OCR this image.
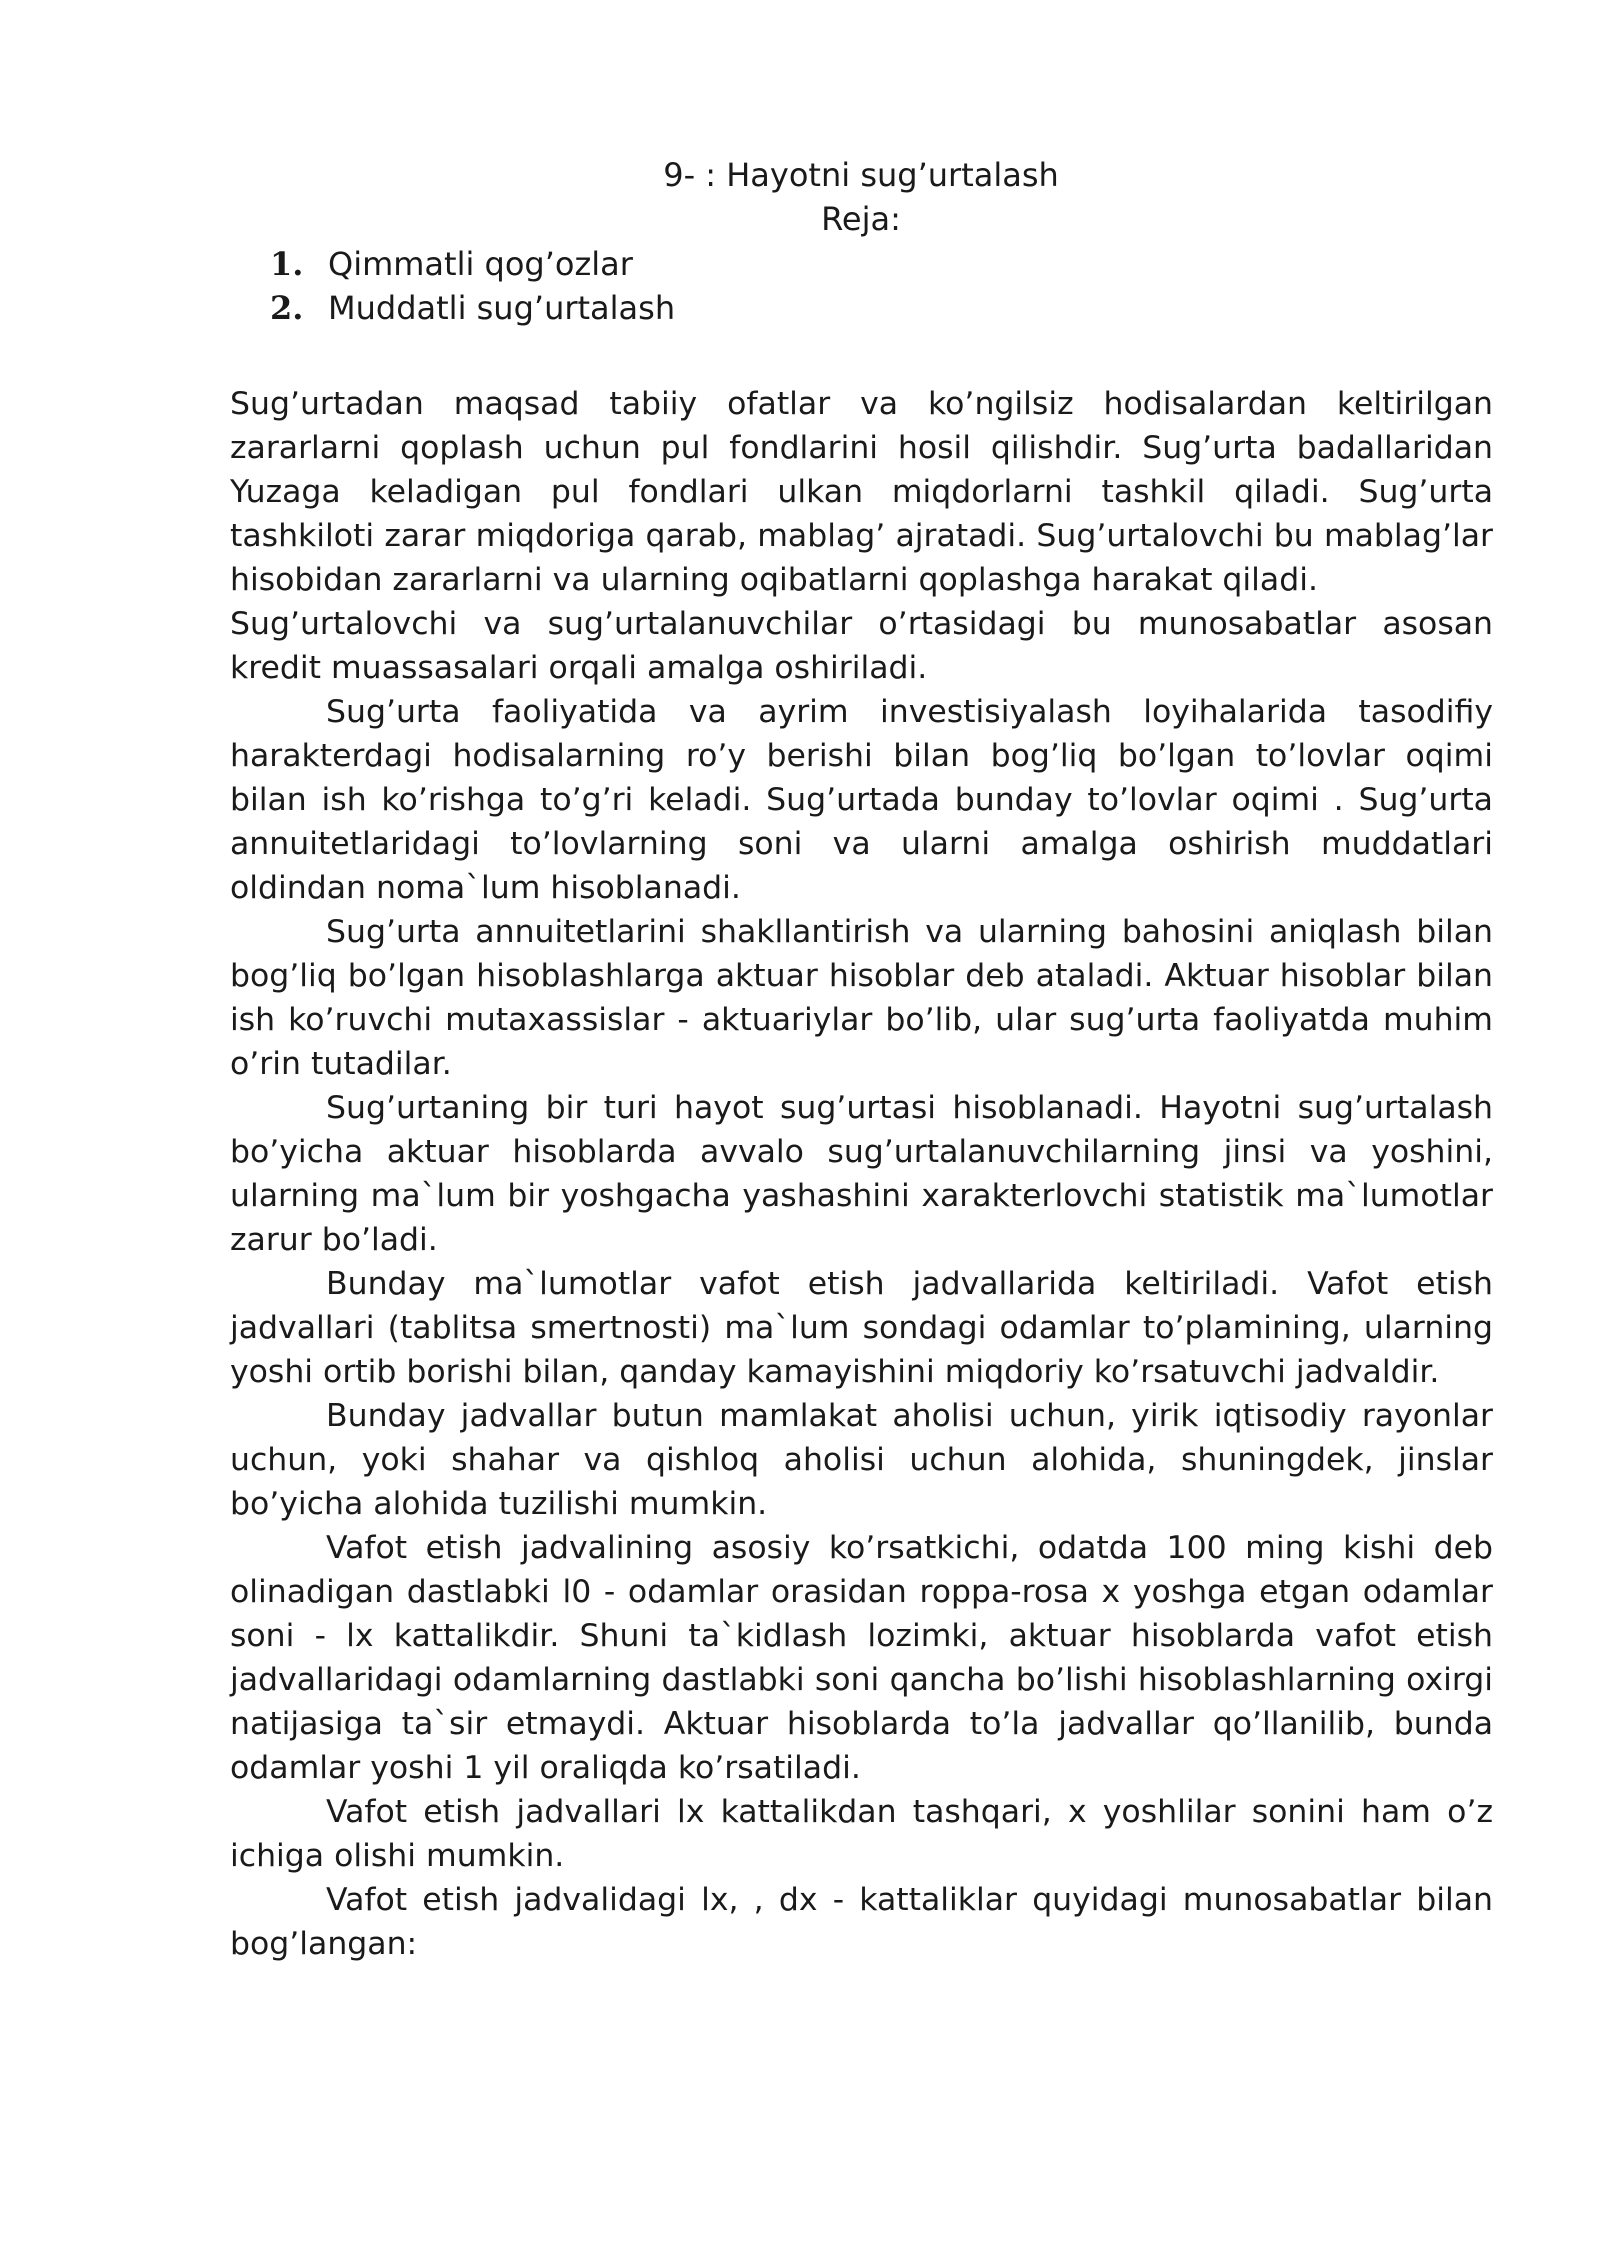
9- : Hayotni sug’urtalash
Reja:
1. Qimmatli qog’ozlar
2. Muddatli sug’urtalash

Sug’urtadan maqsad tabiiy ofatlar va ko’ngilsiz hodisalardan keltirilgan zararlarni qoplash uchun pul fondlarini hosil qilishdir. Sug’urta badallaridan Yuzaga keladigan pul fondlari ulkan miqdorlarni tashkil qiladi. Sug’urta tashkiloti zarar miqdoriga qarab, mablag’ ajratadi. Sug’urtalovchi bu mablag’lar hisobidan zararlarni va ularning oqibatlarni qoplashga harakat qiladi.

Sug’urtalovchi va sug’urtalanuvchilar o’rtasidagi bu munosabatlar asosan kredit muassasalari orqali amalga oshiriladi.

Sug’urta faoliyatida va ayrim investisiyalash loyihalarida tasodifiy harakterdagi hodisalarning ro’y berishi bilan bog’liq bo’lgan to’lovlar oqimi bilan ish ko’rishga to’g’ri keladi. Sug’urtada bunday to’lovlar oqimi . Sug’urta annuitetlaridagi to’lovlarning soni va ularni amalga oshirish muddatlari oldindan noma`lum hisoblanadi.

Sug’urta annuitetlarini shakllantirish va ularning bahosini aniqlash bilan bog’liq bo’lgan hisoblashlarga aktuar hisoblar deb ataladi. Aktuar hisoblar bilan ish ko’ruvchi mutaxassislar - aktuariylar bo’lib, ular sug’urta faoliyatda muhim o’rin tutadilar.

Sug’urtaning bir turi hayot sug’urtasi hisoblanadi. Hayotni sug’urtalash bo’yicha aktuar hisoblarda avvalo sug’urtalanuvchilarning jinsi va yoshini, ularning ma`lum bir yoshgacha yashashini xarakterlovchi statistik ma`lumotlar zarur bo’ladi.

Bunday ma`lumotlar vafot etish jadvallarida keltiriladi. Vafot etish jadvallari (tablitsa smertnosti) ma`lum sondagi odamlar to’plamining, ularning yoshi ortib borishi bilan, qanday kamayishini miqdoriy ko’rsatuvchi jadvaldir.

Bunday jadvallar butun mamlakat aholisi uchun, yirik iqtisodiy rayonlar uchun, yoki shahar va qishloq aholisi uchun alohida, shuningdek, jinslar bo’yicha alohida tuzilishi mumkin.

Vafot etish jadvalining asosiy ko’rsatkichi, odatda 100 ming kishi deb olinadigan dastlabki l0 - odamlar orasidan roppa-rosa x yoshga etgan odamlar soni - lx kattalikdir. Shuni ta`kidlash lozimki, aktuar hisoblarda vafot etish jadvallaridagi odamlarning dastlabki soni qancha bo’lishi hisoblashlarning oxirgi natijasiga ta`sir etmaydi. Aktuar hisoblarda to’la jadvallar qo’llanilib, bunda odamlar yoshi 1 yil oraliqda ko’rsatiladi.

Vafot etish jadvallari lx kattalikdan tashqari, x yoshlilar sonini ham o’z ichiga olishi mumkin.

Vafot etish jadvalidagi lx, , dx - kattaliklar quyidagi munosabatlar bilan bog’langan:
